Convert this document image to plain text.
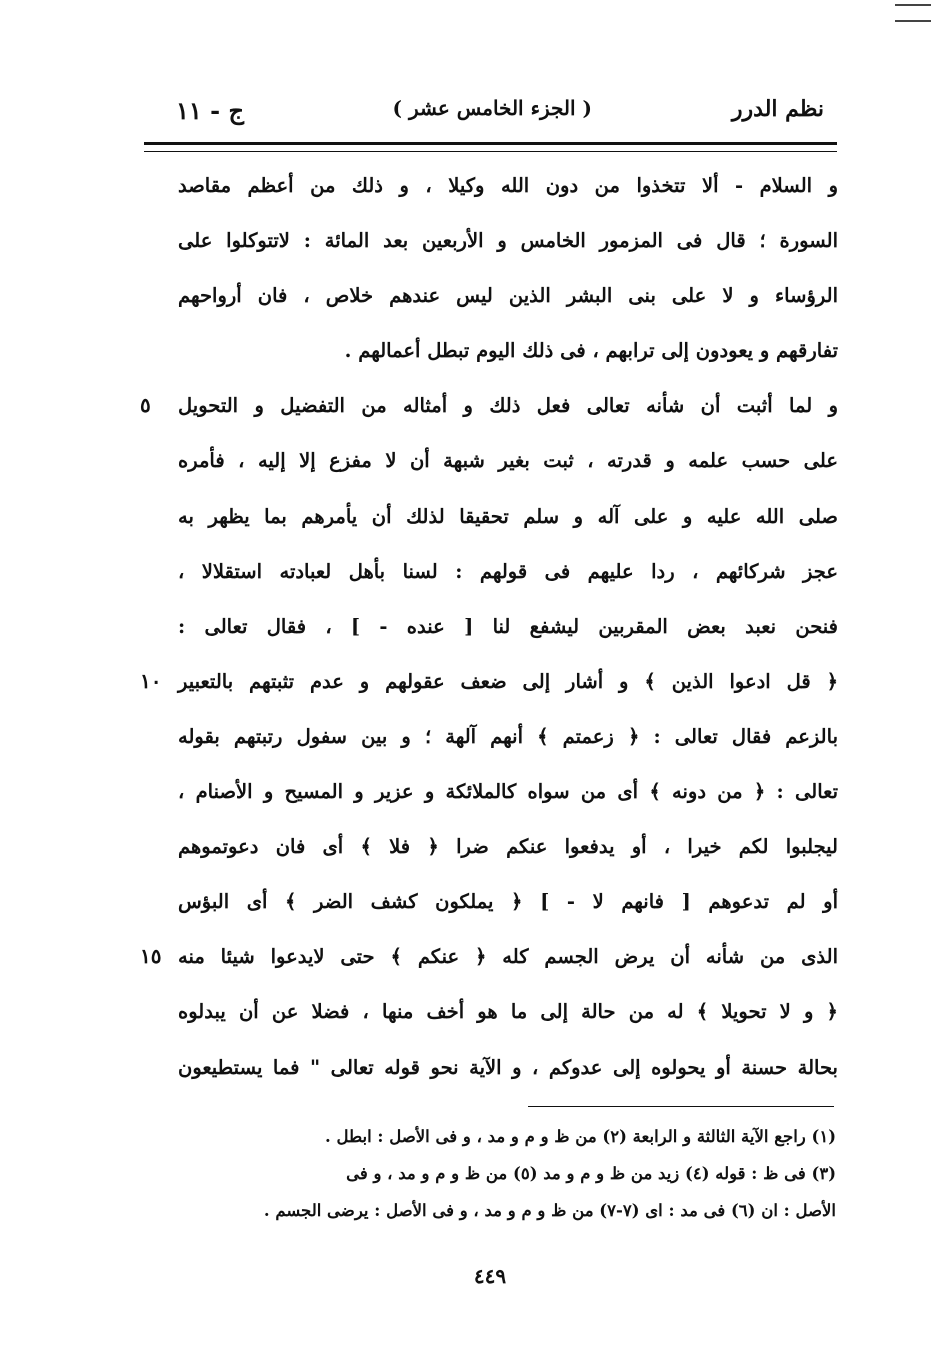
نظم الدرر
( الجزء الخامس عشر )
ج - ١١
و السلام - ألا تتخذوا من دون الله وكيلا ، و ذلك من أعظم مقاصد
السورة ؛ قال فى المزمور الخامس و الأربعين بعد المائة : لاتتوكلوا على
الرؤساء و لا على بنى البشر الذين ليس عندهم خلاص ، فان أرواحهم
تفارقهم و يعودون إلى ترابهم ، فى ذلك اليوم تبطل أعمالهم .
و لما أثبت أن شأنه تعالى فعل ذلك و أمثاله من التفضيل و التحويل
٥
على حسب علمه و قدرته ، ثبت بغير شبهة أن لا مفزع إلا إليه ، فأمره
صلى الله عليه و على آله و سلم تحقيقا لذلك أن يأمرهم بما يظهر به
عجز شركائهم ، ردا عليهم فى قولهم : لسنا بأهل لعبادته استقلالا ،
فنحن نعبد بعض المقربين ليشفع لنا [ عنده - ] ، فقال تعالى :
﴿ قل ادعوا الذين ﴾ و أشار إلى ضعف عقولهم و عدم تثبتهم بالتعبير
١٠
بالزعم فقال تعالى : ﴿ زعمتم ﴾ أنهم آلهة ؛ و بين سفول رتبتهم بقوله
تعالى : ﴿ من دونه ﴾ أى من سواه كالملائكة و عزير و المسيح و الأصنام ،
ليجلبوا لكم خيرا ، أو يدفعوا عنكم ضرا ﴿ فلا ﴾ أى فان دعوتموهم
أو لم تدعوهم [ فانهم لا - ] ﴿ يملكون كشف الضر ﴾ أى البؤس
الذى من شأنه أن يرض الجسم كله ﴿ عنكم ﴾ حتى لايدعوا شيئا منه
١٥
﴿ و لا تحويلا ﴾ له من حالة إلى ما هو أخف منها ، فضلا عن أن يبدلوه
بحالة حسنة أو يحولوه إلى عدوكم ، و الآية نحو قوله تعالى " فما يستطيعون
(١) راجع الآية الثالثة و الرابعة (٢) من ظ و م و مد ، و فى الأصل : ابطل .
(٣) فى ظ : قوله (٤) زيد من ظ و م و مد (٥) من ظ و م و مد ، و فى
الأصل : ان (٦) فى مد : اى (٧-٧) من ظ و م و مد ، و فى الأصل : يرضى الجسم .
٤٤٩
